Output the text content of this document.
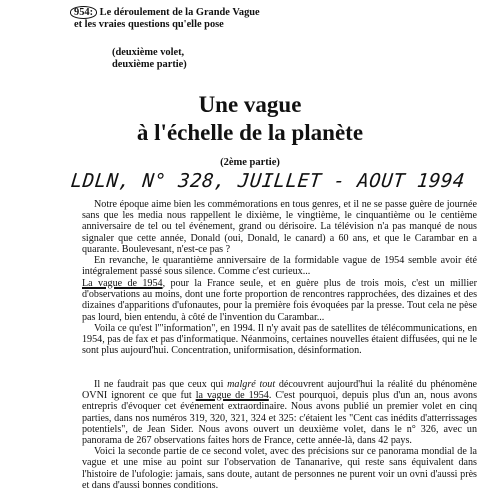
954: Le déroulement de la Grande Vague
et les vraies questions qu'elle pose
(deuxième volet,
deuxième partie)
Une vague
à l'échelle de la planète
(2ème partie)
LDLN, N° 328, JUILLET - AOUT 1994

Notre époque aime bien les commémorations en tous genres, et il ne se passe guère de journée sans que les media nous rappellent le dixième, le vingtième, le cinquantième ou le centième anniversaire de tel ou tel événement, grand ou dérisoire. La télévision n'a pas manqué de nous signaler que cette année, Donald (oui, Donald, le canard) a 60 ans, et que le Carambar en a quarante. Boulevesant, n'est-ce pas ?

En revanche, le quarantième anniversaire de la formidable vague de 1954 semble avoir été intégralement passé sous silence. Comme c'est curieux...

La vague de 1954, pour la France seule, et en guère plus de trois mois, c'est un millier d'observations au moins, dont une forte proportion de rencontres rapprochées, des dizaines et des dizaines d'apparitions d'ufonautes, pour la première fois évoquées par la presse. Tout cela ne pèse pas lourd, bien entendu, à côté de l'invention du Carambar...

Voila ce qu'est l'"information", en 1994. Il n'y avait pas de satellites de télécommunications, en 1954, pas de fax et pas d'informatique. Néanmoins, certaines nouvelles étaient diffusées, qui ne le sont plus aujourd'hui. Concentration, uniformisation, désinformation.

Il ne faudrait pas que ceux qui malgré tout découvrent aujourd'hui la réalité du phénomène OVNI ignorent ce que fut la vague de 1954. C'est pourquoi, depuis plus d'un an, nous avons entrepris d'évoquer cet événement extraordinaire. Nous avons publié un premier volet en cinq parties, dans nos numéros 319, 320, 321, 324 et 325: c'étaient les "Cent cas inédits d'atterrissages potentiels", de Jean Sider. Nous avons ouvert un deuxième volet, dans le n° 326, avec un panorama de 267 observations faites hors de France, cette année-là, dans 42 pays.

Voici la seconde partie de ce second volet, avec des précisions sur ce panorama mondial de la vague et une mise au point sur l'observation de Tananarive, qui reste sans équivalent dans l'histoire de l'ufologie: jamais, sans doute, autant de personnes ne purent voir un ovni d'aussi près et dans d'aussi bonnes conditions.
